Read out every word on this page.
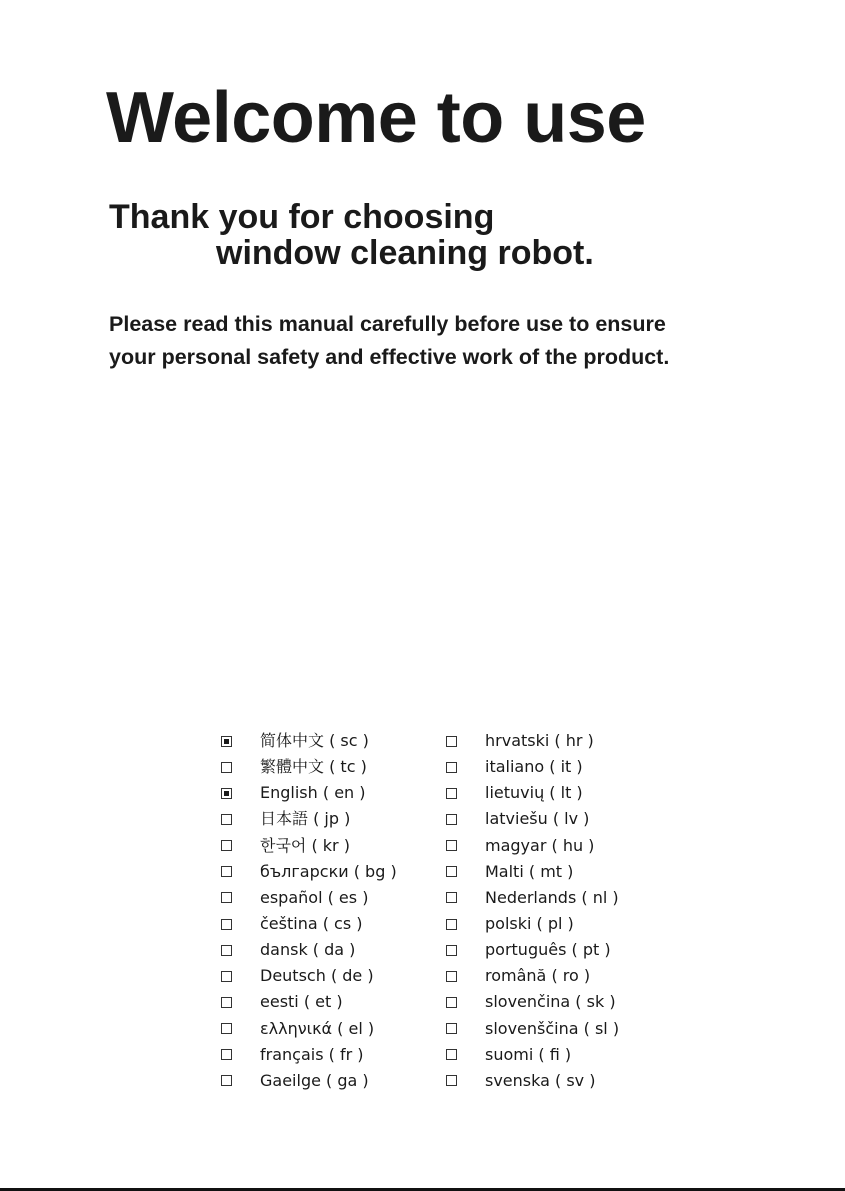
Welcome to use
Thank you for choosing
window cleaning robot.

Please read this manual carefully before use to ensure

your personal safety and effective work of the product.

简体中文 ( sc )
繁體中文 ( tc )
English ( en )
日本語 ( jp )
한국어 ( kr )
български ( bg )
español ( es )
čeština ( cs )
dansk ( da )
Deutsch ( de )
eesti ( et )
ελληνικά ( el )
français ( fr )
Gaeilge ( ga )
hrvatski ( hr )
italiano ( it )
lietuvių ( lt )
latviešu ( lv )
magyar ( hu )
Malti ( mt )
Nederlands ( nl )
polski ( pl )
português ( pt )
română ( ro )
slovenčina ( sk )
slovenščina ( sl )
suomi ( fi )
svenska ( sv )
